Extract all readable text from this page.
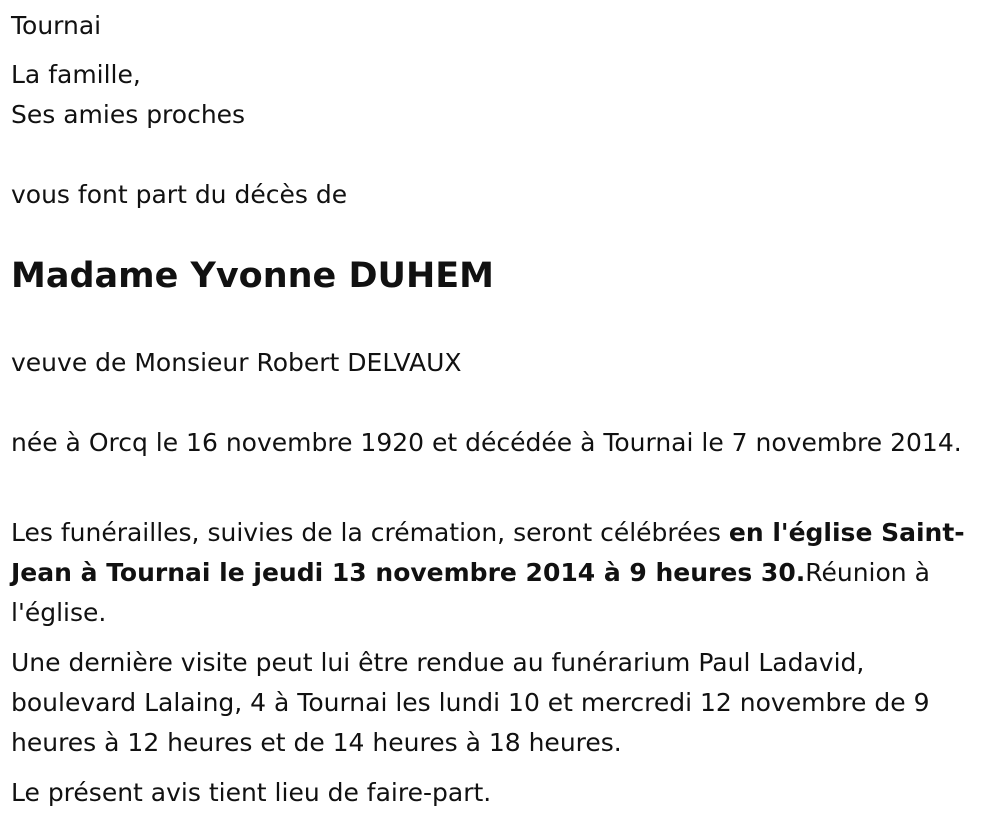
Tournai

La famille,

Ses amies proches

vous font part du décès de

Madame Yvonne DUHEM

veuve de Monsieur Robert DELVAUX

née à Orcq le 16 novembre 1920 et décédée à Tournai le 7 novembre 2014.

Les funérailles, suivies de la crémation, seront célébrées en l'église Saint-Jean à Tournai le jeudi 13 novembre 2014 à 9 heures 30.Réunion à l'église.

Une dernière visite peut lui être rendue au funérarium Paul Ladavid, boulevard Lalaing, 4 à Tournai les lundi 10 et mercredi 12 novembre de 9 heures à 12 heures et de 14 heures à 18 heures.

Le présent avis tient lieu de faire-part.
